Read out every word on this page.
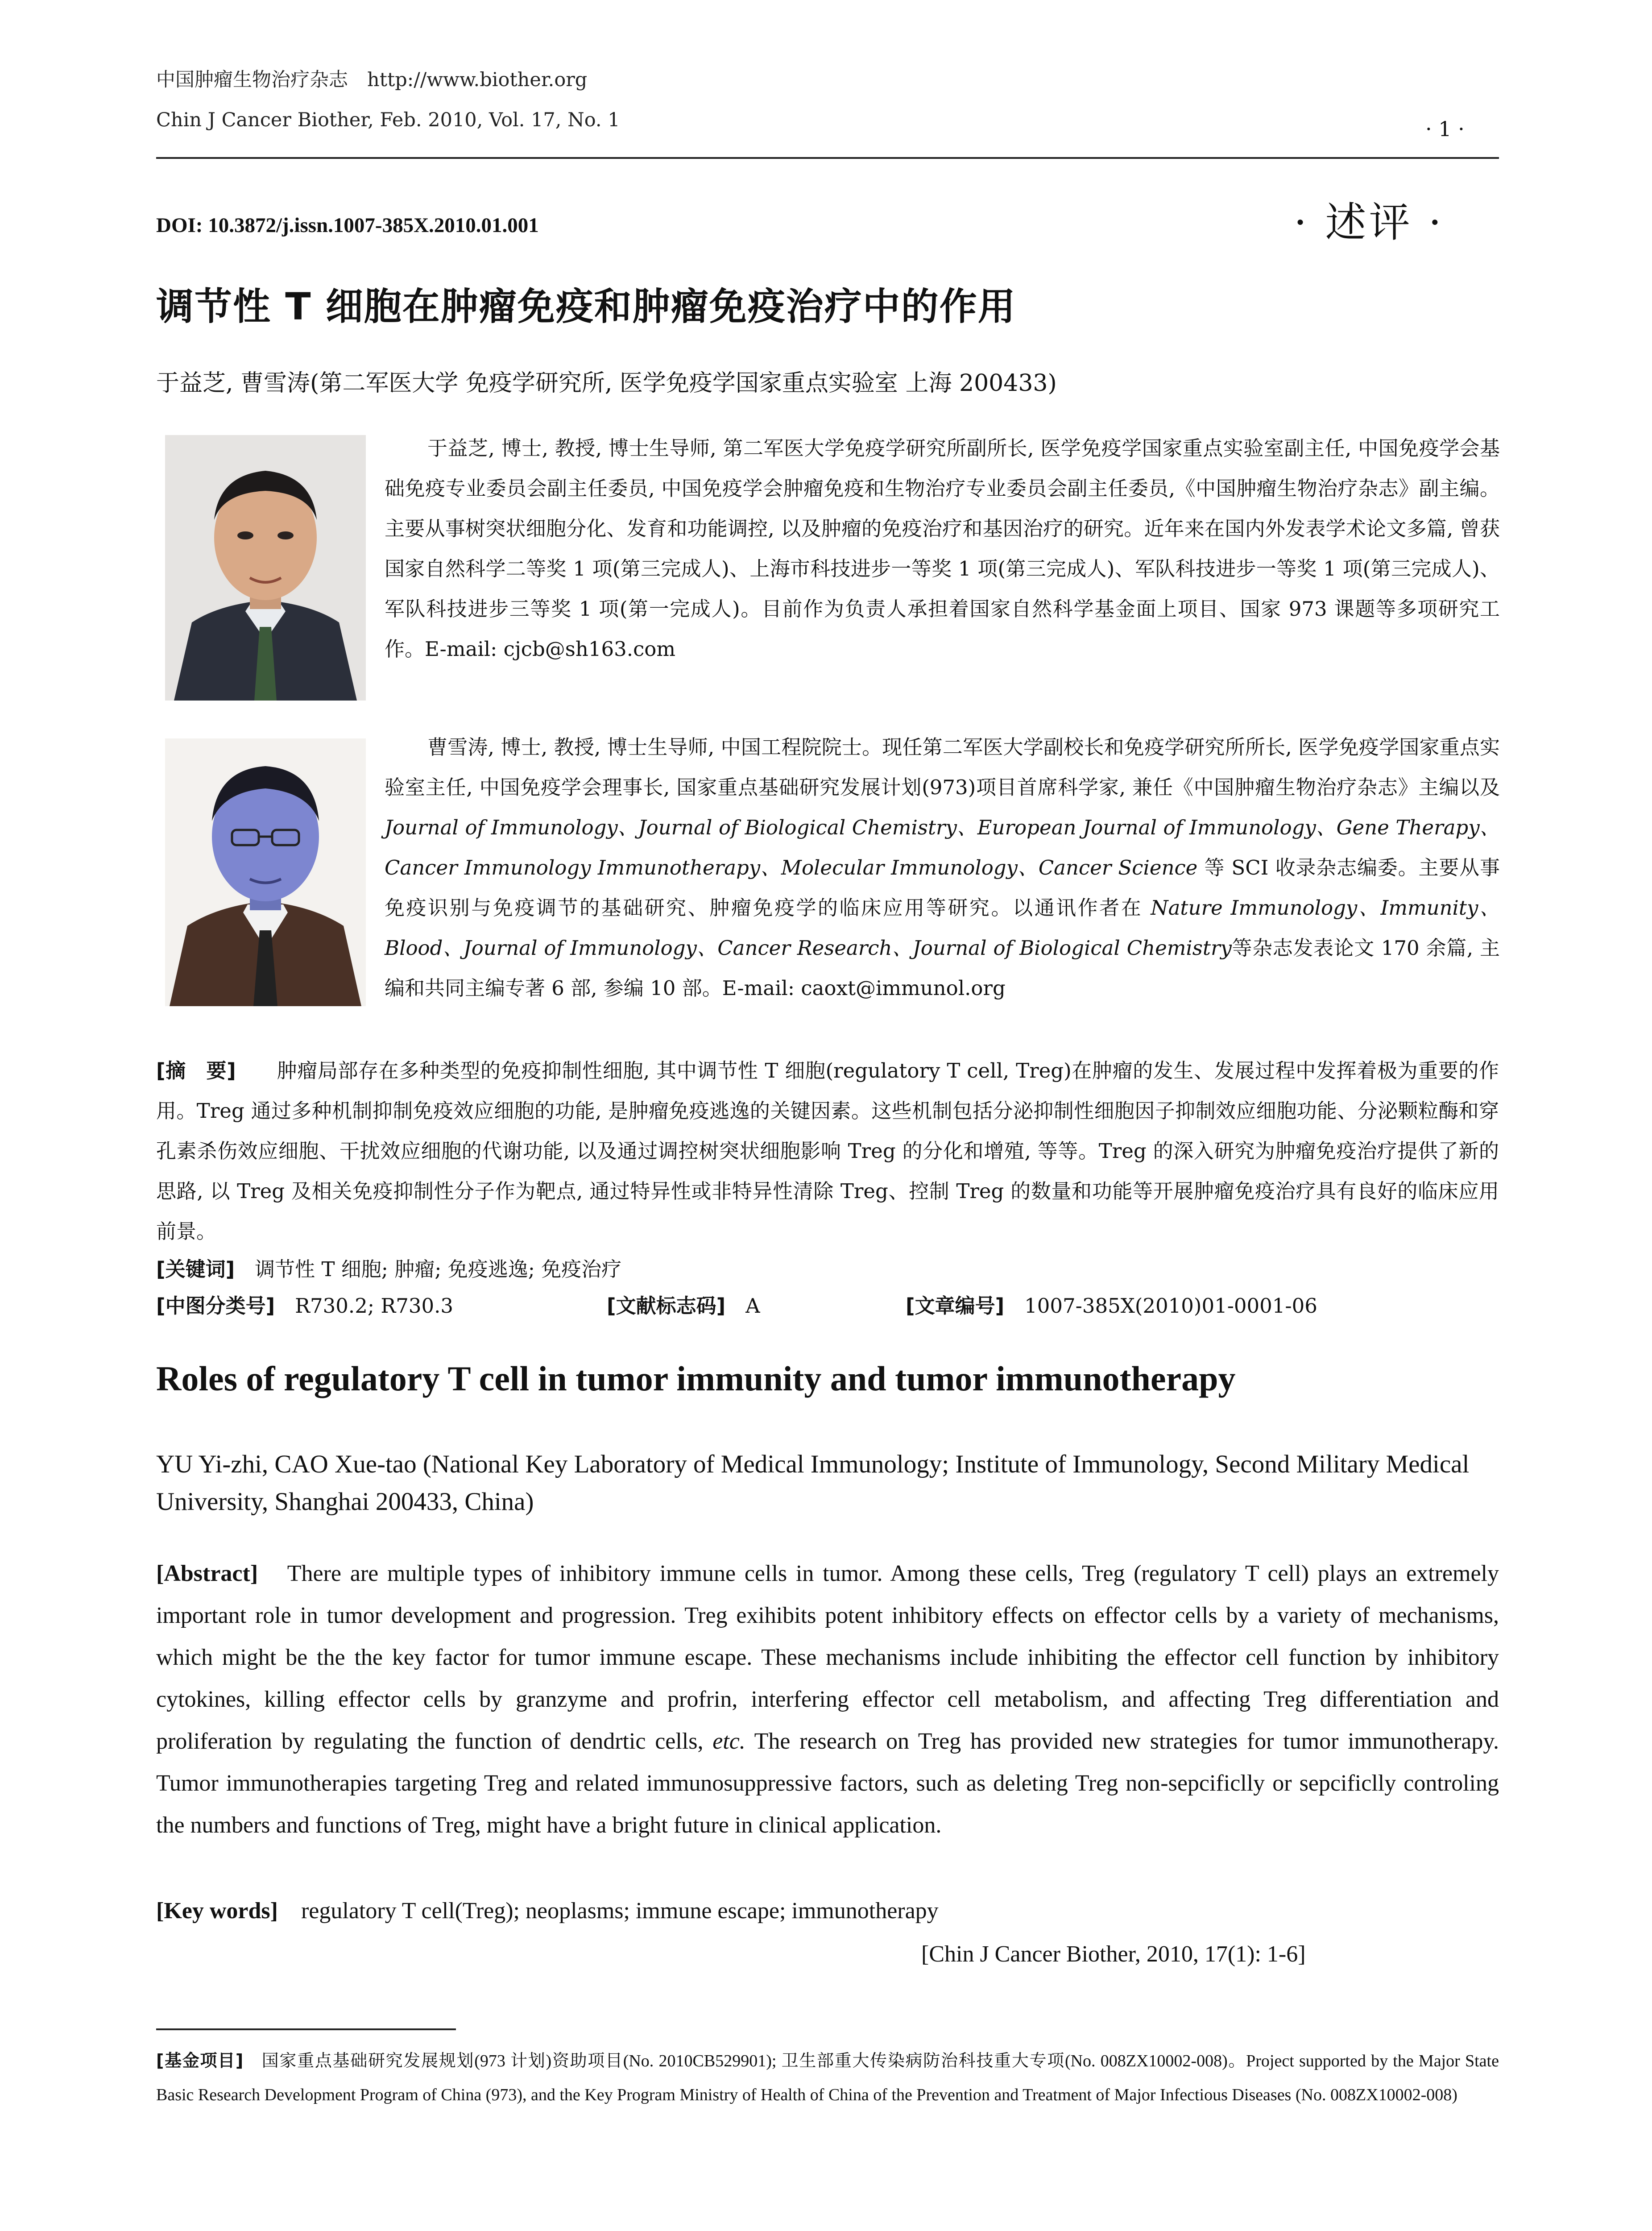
中国肿瘤生物治疗杂志　http://www.biother.org
Chin J Cancer Biother, Feb. 2010, Vol. 17, No. 1	· 1 ·
DOI: 10.3872/j.issn.1007-385X.2010.01.001	· 述评 ·
调节性 T 细胞在肿瘤免疫和肿瘤免疫治疗中的作用
于益芝, 曹雪涛(第二军医大学 免疫学研究所, 医学免疫学国家重点实验室 上海 200433)
于益芝, 博士, 教授, 博士生导师, 第二军医大学免疫学研究所副所长, 医学免疫学国家重点实验室副主任, 中国免疫学会基础免疫专业委员会副主任委员, 中国免疫学会肿瘤免疫和生物治疗专业委员会副主任委员,《中国肿瘤生物治疗杂志》副主编。主要从事树突状细胞分化、发育和功能调控, 以及肿瘤的免疫治疗和基因治疗的研究。近年来在国内外发表学术论文多篇, 曾获国家自然科学二等奖 1 项(第三完成人)、上海市科技进步一等奖 1 项(第三完成人)、军队科技进步一等奖 1 项(第三完成人)、军队科技进步三等奖 1 项(第一完成人)。目前作为负责人承担着国家自然科学基金面上项目、国家 973 课题等多项研究工作。E-mail: cjcb@sh163.com
曹雪涛, 博士, 教授, 博士生导师, 中国工程院院士。现任第二军医大学副校长和免疫学研究所所长, 医学免疫学国家重点实验室主任, 中国免疫学会理事长, 国家重点基础研究发展计划(973)项目首席科学家, 兼任《中国肿瘤生物治疗杂志》主编以及 Journal of Immunology、Journal of Biological Chemistry、European Journal of Immunology、Gene Therapy、Cancer Immunology Immunotherapy、Molecular Immunology、Cancer Science 等 SCI 收录杂志编委。主要从事免疫识别与免疫调节的基础研究、肿瘤免疫学的临床应用等研究。以通讯作者在 Nature Immunology、Immunity、Blood、Journal of Immunology、Cancer Research、Journal of Biological Chemistry等杂志发表论文 170 余篇, 主编和共同主编专著 6 部, 参编 10 部。E-mail: caoxt@immunol.org
[摘　要]　　 肿瘤局部存在多种类型的免疫抑制性细胞, 其中调节性 T 细胞(regulatory T cell, Treg)在肿瘤的发生、发展过程中发挥着极为重要的作用。Treg 通过多种机制抑制免疫效应细胞的功能, 是肿瘤免疫逃逸的关键因素。这些机制包括分泌抑制性细胞因子抑制效应细胞功能、分泌颗粒酶和穿孔素杀伤效应细胞、干扰效应细胞的代谢功能, 以及通过调控树突状细胞影响 Treg 的分化和增殖, 等等。Treg 的深入研究为肿瘤免疫治疗提供了新的思路, 以 Treg 及相关免疫抑制性分子作为靶点, 通过特异性或非特异性清除 Treg、控制 Treg 的数量和功能等开展肿瘤免疫治疗具有良好的临床应用前景。
[关键词]　 调节性 T 细胞; 肿瘤; 免疫逃逸; 免疫治疗
[中图分类号]　 R730.2; R730.3	[文献标志码]　 A	[文章编号]　 1007-385X(2010)01-0001-06
Roles of regulatory T cell in tumor immunity and tumor immunotherapy
YU Yi-zhi, CAO Xue-tao (National Key Laboratory of Medical Immunology; Institute of Immunology, Second Military Medical University, Shanghai 200433, China)
[Abstract]　 There are multiple types of inhibitory immune cells in tumor. Among these cells, Treg (regulatory T cell) plays an extremely important role in tumor development and progression. Treg exihibits potent inhibitory effects on effector cells by a variety of mechanisms, which might be the the key factor for tumor immune escape. These mechanisms include inhibiting the effector cell function by inhibitory cytokines, killing effector cells by granzyme and profrin, interfering effector cell metabolism, and affecting Treg differentiation and proliferation by regulating the function of dendrtic cells, etc. The research on Treg has provided new strategies for tumor immunotherapy. Tumor immunotherapies targeting Treg and related immunosuppressive factors, such as deleting Treg non-sepcificlly or sepcificlly controling the numbers and functions of Treg, might have a bright future in clinical application.
[Key words]　 regulatory T cell(Treg); neoplasms; immune escape; immunotherapy
[Chin J Cancer Biother, 2010, 17(1): 1-6]
[基金项目]　 国家重点基础研究发展规划(973 计划)资助项目(No. 2010CB529901); 卫生部重大传染病防治科技重大专项(No. 008ZX10002-008)。Project supported by the Major State Basic Research Development Program of China (973), and the Key Program Ministry of Health of China of the Prevention and Treatment of Major Infectious Diseases (No. 008ZX10002-008)
